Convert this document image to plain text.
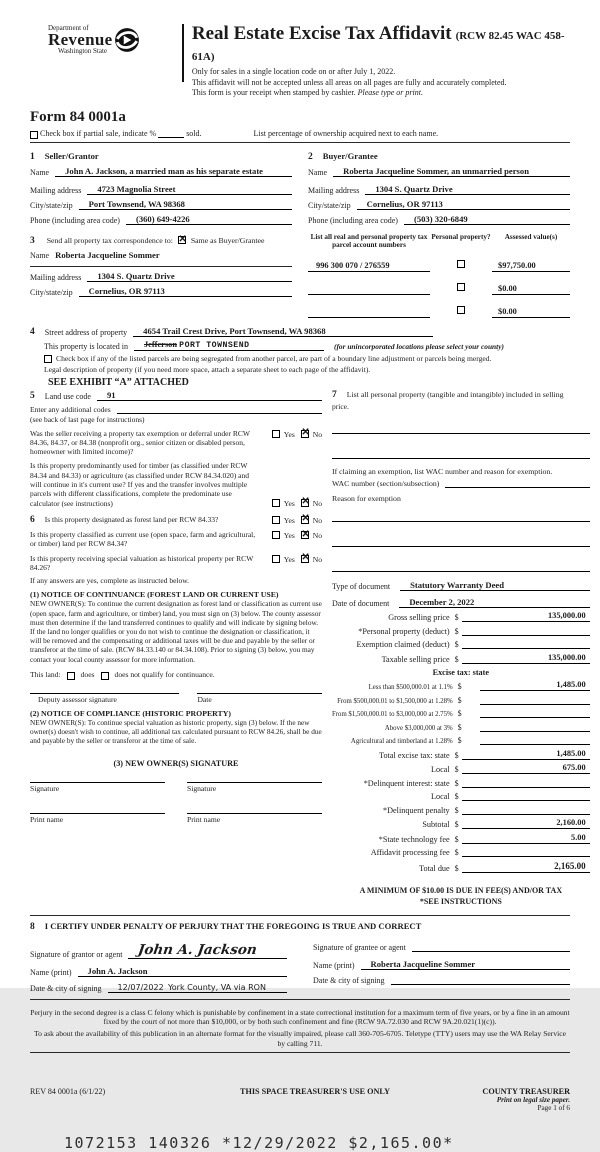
Department of
Revenue
Washington State
Real Estate Excise Tax Affidavit (RCW 82.45 WAC 458-61A)
Only for sales in a single location code on or after July 1, 2022.
This affidavit will not be accepted unless all areas on all pages are fully and accurately completed.
This form is your receipt when stamped by cashier. Please type or print.
Form 84 0001a

Check box if partial sale, indicate %

	sold.	List percentage of ownership acquired next to each name.
1 Seller/Grantor
Name	John A. Jackson, a married man as his separate estate
Mailing address	4723 Magnolia Street
City/state/zip	Port Townsend, WA 98368
Phone (including area code)	(360) 649-4226
2 Buyer/Grantee
Name	Roberta Jacqueline Sommer, an unmarried person
Mailing address	1304 S. Quartz Drive
City/state/zip	Cornelius, OR 97113
Phone (including area code)	(503) 320-6849
3 Send all property tax correspondence to: ✕ Same as Buyer/Grantee
Name Roberta Jacqueline Sommer
Mailing address	1304 S. Quartz Drive
City/state/zip	Cornelius, OR 97113
List all real and personal property tax parcel account numbers
Personal property?	Assessed value(s)
996 300 070 / 276559	$97,750.00
$0.00
$0.00
4 Street address of property	4654 Trail Crest Drive, Port Townsend, WA 98368
This property is located in	Jefferson PORT TOWNSEND	(for unincorporated locations please select your county)
Check box if any of the listed parcels are being segregated from another parcel, are part of a boundary line adjustment or parcels being merged.
Legal description of property (if you need more space, attach a separate sheet to each page of the affidavit).
SEE EXHIBIT “A” ATTACHED
5 Land use code	91
Enter any additional codes
(see back of last page for instructions)
Was the seller receiving a property tax exemption or deferral under RCW 84.36, 84.37, or 84.38 (nonprofit org., senior citizen or disabled person, homeowner with limited income)?
Yes ✕ No
Is this property predominantly used for timber (as classified under RCW 84.34 and 84.33) or agriculture (as classified under RCW 84.34.020) and will continue in it's current use? If yes and the transfer involves multiple parcels with different classifications, complete the predominate use calculator (see instructions)	Yes ✕ No
6 Is this property designated as forest land per RCW 84.33?	Yes ✕ No
Is this property classified as current use (open space, farm and agricultural, or timber) land per RCW 84.34?
Yes ✕ No
Is this property receiving special valuation as historical property per RCW 84.26?
Yes ✕ No
If any answers are yes, complete as instructed below.
(1) NOTICE OF CONTINUANCE (FOREST LAND OR CURRENT USE)
NEW OWNER(S): To continue the current designation as forest land or classification as current use (open space, farm and agriculture, or timber) land, you must sign on (3) below. The county assessor must then determine if the land transferred continues to qualify and will indicate by signing below. If the land no longer qualifies or you do not wish to continue the designation or classification, it will be removed and the compensating or additional taxes will be due and payable by the seller or transferor at the time of sale. (RCW 84.33.140 or 84.34.108). Prior to signing (3) below, you may contact your local county assessor for more information.
This land:	does	does not qualify for continuance.
Deputy assessor signature	Date
(2) NOTICE OF COMPLIANCE (HISTORIC PROPERTY)
NEW OWNER(S): To continue special valuation as historic property, sign (3) below. If the new owner(s) doesn't wish to continue, all additional tax calculated pursuant to RCW 84.26, shall be due and payable by the seller or transferor at the time of sale.
(3) NEW OWNER(S) SIGNATURE
Signature	Signature
Print name	Print name
7 List all personal property (tangible and intangible) included in selling
price.
If claiming an exemption, list WAC number and reason for exemption.
WAC number (section/subsection)
Reason for exemption
Type of document	Statutory Warranty Deed
Date of document	December 2, 2022
Gross selling price $	135,000.00
*Personal property (deduct) $
Exemption claimed (deduct) $
Taxable selling price $	135,000.00
Excise tax: state
Less than $500,000.01 at 1.1% $	1,485.00
From $500,000.01 to $1,500,000 at 1.28% $
From $1,500,000.01 to $3,000,000 at 2.75% $
Above $3,000,000 at 3% $
Agricultural and timberland at 1.28% $
Total excise tax: state $	1,485.00
Local $	675.00
*Delinquent interest: state $
Local $
*Delinquent penalty $
Subtotal $	2,160.00
*State technology fee $	5.00
Affidavit processing fee $
Total due $	2,165.00
A MINIMUM OF $10.00 IS DUE IN FEE(S) AND/OR TAX
*SEE INSTRUCTIONS
8 I CERTIFY UNDER PENALTY OF PERJURY THAT THE FOREGOING IS TRUE AND CORRECT
Signature of grantor or agent	John A. Jackson
Name (print)	John A. Jackson
Date & city of signing	12/07/2022 York County, VA via RON
Signature of grantee or agent
Name (print)	Roberta Jacqueline Sommer
Date & city of signing
Perjury in the second degree is a class C felony which is punishable by confinement in a state correctional institution for a maximum term of five years, or by a fine in an amount fixed by the court of not more than $10,000, or by both such confinement and fine (RCW 9A.72.030 and RCW 9A.20.021(1)(c)).
To ask about the availability of this publication in an alternate format for the visually impaired, please call 360-705-6705. Teletype (TTY) users may use the WA Relay Service by calling 711.
REV 84 0001a (6/1/22)	THIS SPACE TREASURER'S USE ONLY	COUNTY TREASURER
Print on legal size paper.
Page 1 of 6
1072153 140326 *12/29/2022 $2,165.00*
